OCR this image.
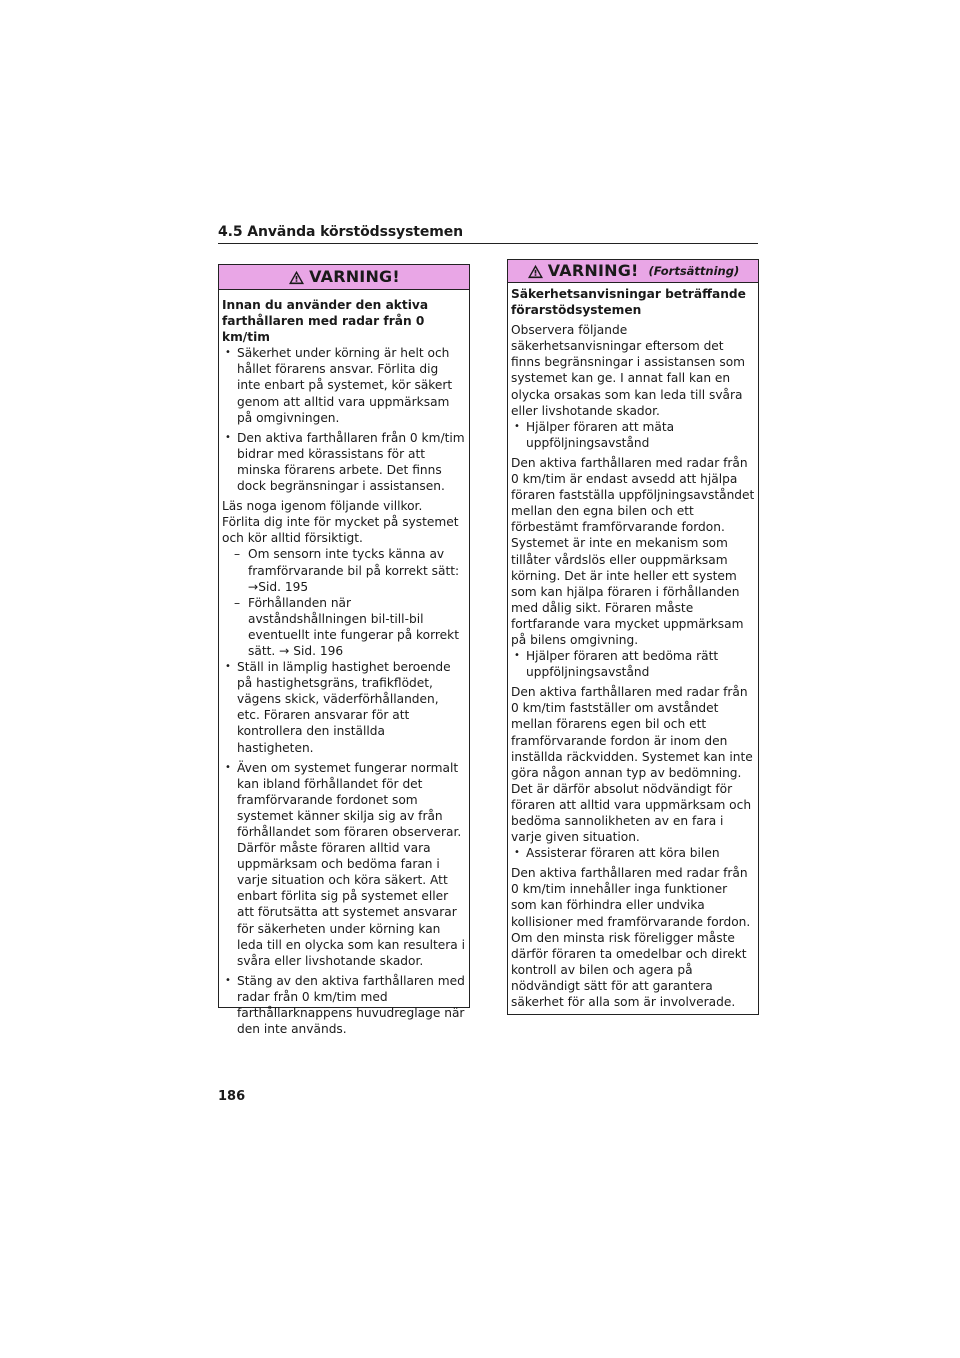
4.5 Använda körstödssystemen
VARNING!

Innan du använder den aktiva farthållaren med radar från 0 km/tim

• Säkerhet under körning är helt och hållet förarens ansvar. Förlita dig inte enbart på systemet, kör säkert genom att alltid vara uppmärksam på omgivningen.

• Den aktiva farthållaren från 0 km/tim bidrar med körassistans för att minska förarens arbete. Det finns dock begränsningar i assistansen.

Läs noga igenom följande villkor.

Förlita dig inte för mycket på systemet och kör alltid försiktigt.

– Om sensorn inte tycks känna av framförvarande bil på korrekt sätt: →Sid. 195
– Förhållanden när avståndshållningen bil-till-bil eventuellt inte fungerar på korrekt sätt. → Sid. 196

• Ställ in lämplig hastighet beroende på hastighetsgräns, trafikflödet, vägens skick, väderförhållanden, etc. Föraren ansvarar för att kontrollera den inställda hastigheten.

• Även om systemet fungerar normalt kan ibland förhållandet för det framförvarande fordonet som systemet känner skilja sig av från förhållandet som föraren observerar. Därför måste föraren alltid vara uppmärksam och bedöma faran i varje situation och köra säkert. Att enbart förlita sig på systemet eller att förutsätta att systemet ansvarar för säkerheten under körning kan leda till en olycka som kan resultera i svåra eller livshotande skador.

• Stäng av den aktiva farthållaren med radar från 0 km/tim med farthållarknappens huvudreglage när den inte används.

VARNING! (Fortsättning)

Säkerhetsanvisningar beträffande förarstödsystemen

Observera följande säkerhetsanvisningar eftersom det finns begränsningar i assistansen som systemet kan ge. I annat fall kan en olycka orsakas som kan leda till svåra eller livshotande skador.

• Hjälper föraren att mäta uppföljningsavstånd

Den aktiva farthållaren med radar från 0 km/tim är endast avsedd att hjälpa föraren fastställa uppföljningsavståndet mellan den egna bilen och ett förbestämt framförvarande fordon. Systemet är inte en mekanism som tillåter vårdslös eller ouppmärksam körning. Det är inte heller ett system som kan hjälpa föraren i förhållanden med dålig sikt. Föraren måste fortfarande vara mycket uppmärksam

på bilens omgivning.

• Hjälper föraren att bedöma rätt uppföljningsavstånd

Den aktiva farthållaren med radar från 0 km/tim fastställer om avståndet mellan förarens egen bil och ett framförvarande fordon är inom den inställda räckvidden. Systemet kan inte göra någon annan typ av bedömning. Det är därför absolut nödvändigt för föraren att alltid vara uppmärksam och bedöma sannolikheten av en fara i varje given situation.

• Assisterar föraren att köra bilen

Den aktiva farthållaren med radar från 0 km/tim innehåller inga funktioner som kan förhindra eller undvika kollisioner med framförvarande fordon. Om den minsta risk föreligger måste därför föraren ta omedelbar och direkt kontroll av bilen och agera på nödvändigt sätt för att garantera säkerhet för alla som är involverade.

186
